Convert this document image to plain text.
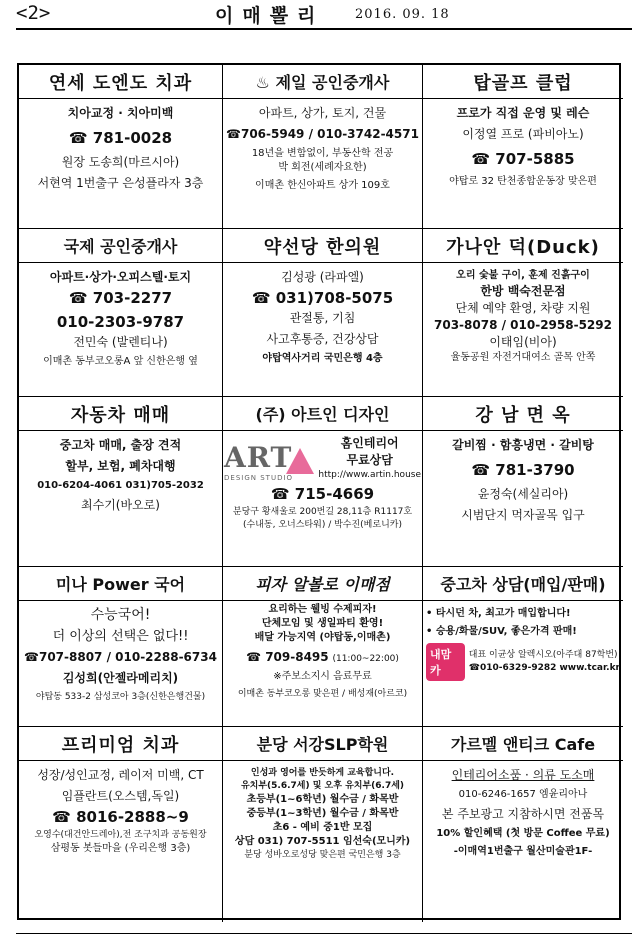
<2>	이매뽈리 2016. 09. 18
연세 도엔도 치과
치아교정 · 치아미백
☎ 781-0028
원장 도송희(마르시아)
서현역 1번출구 은성플라자 3층
♨ 제일 공인중개사
아파트, 상가, 토지, 건물
☎706-5949 / 010-3742-4571
18년을 변함없이, 부동산학 전공
박 회전(세례자요한)
이매촌 한신아파트 상가 109호
탑골프 클럽
프로가 직접 운영 및 레슨
이정열 프로 (파비아노)
☎ 707-5885
야탑로 32 탄천종합운동장 맞은편
국제 공인중개사
아파트·상가·오피스텔·토지
☎ 703-2277
010-2303-9787
전민숙 (발렌티나)
이매촌 동부코오롱A 앞 신한은행 옆
약선당 한의원
김성광 (라파엘)
☎ 031)708-5075
관절통, 기침
사고후통증, 건강상담
야탑역사거리 국민은행 4층
가나안 덕(Duck)
오리 숯불 구이, 훈제 진흙구이
한방 백숙전문점
단체 예약 환영, 차량 지원
703-8078 / 010-2958-5292
이태임(비아)
율동공원 자전거대여소 골목 안쪽
자동차 매매
중고차 매매, 출장 견적
할부, 보험, 폐차대행
010-6204-4061 031)705-2032
최수기(바오로)
(주) 아트인 디자인
ART
DESIGN STUDIO
홈인테리어
무료상담
http://www.artin.house
☎ 715-4669
분당구 황새울로 200번길 28,11층 R1117호
(수내동, 오너스타워) / 박수진(베로니카)
강 남 면 옥
갈비찜 · 함흥냉면 · 갈비탕
☎ 781-3790
윤정숙(세실리아)
시범단지 먹자골목 입구
미나 Power 국어
수능국어!
더 이상의 선택은 없다!!
☎707-8807 / 010-2288-6734
김성희(안젤라메리치)
야탑동 533-2 삼성코아 3층(신한은행건물)
피자 알볼로 이매점
요리하는 웰빙 수제피자!
단체모임 및 생일파티 환영!
배달 가능지역 (야탑동,이매촌)
☎ 709-8495 (11:00~22:00)
※주보소지시 음료무료
이매촌 동부코오롱 맞은편 / 배성재(아르코)
중고차 상담(매입/판매)
• 타시던 차, 최고가 매입합니다!
• 승용/화물/SUV, 좋은가격 판매!
내맘카
대표 이균상 알렉시오(아주대 87학번)
☎010-6329-9282 www.tcar.kr
프리미엄 치과
성장/성인교정, 레이저 미백, CT
임플란트(오스템,독일)
☎ 8016-2888~9
오영수(대건안드레아),전 조구치과 공동원장
삼평동 봇들마을 (우리은행 3층)
분당 서강SLP학원
인성과 영어를 반듯하게 교육합니다.
유치부(5.6.7세) 및 오후 유치부(6.7세)
초등부(1~6학년) 월수금 / 화목반
중등부(1~3학년) 월수금 / 화목반
초6 - 예비 중1반 모집
상담 031) 707-5511 임선숙(모니카)
분당 성바오로성당 맞은편 국민은행 3층
가르멜 앤티크 Cafe
인테리어소품 · 의류 도소매
010-6246-1657 엠윤리아나
본 주보광고 지참하시면 전품목
10% 할인혜택 (첫 방문 Coffee 무료)
-이매역1번출구 월산미술관1F-
